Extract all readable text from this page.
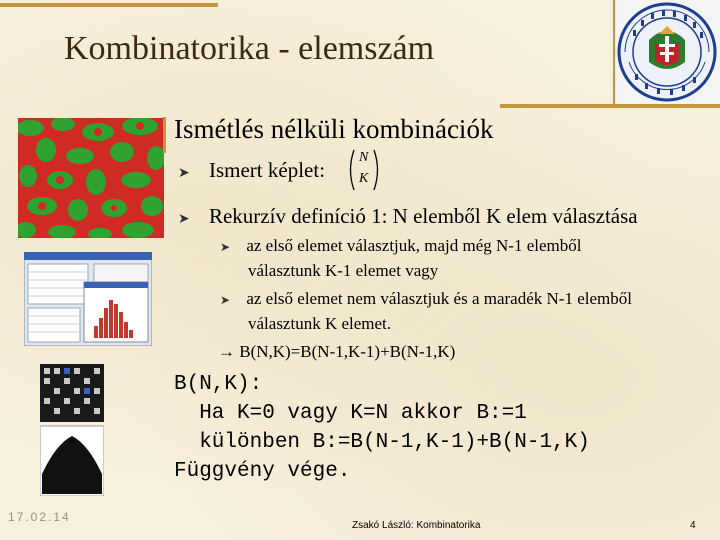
Kombinatorika - elemszám
Ismétlés nélküli kombinációk
➤ Ismert képlet:
N
K
➤ Rekurzív definíció 1: N elemből K elem választása
➤ az első elemet választjuk, majd még N-1 elemből
választunk K-1 elemet vagy
➤ az első elemet nem választjuk és a maradék N-1 elemből
választunk K elemet.
→ B(N,K)=B(N-1,K-1)+B(N-1,K)
B(N,K):
Ha K=0 vagy K=N akkor B:=1
különben B:=B(N-1,K-1)+B(N-1,K)
Függvény vége.
17.02.14
Zsakó László: Kombinatorika	4
